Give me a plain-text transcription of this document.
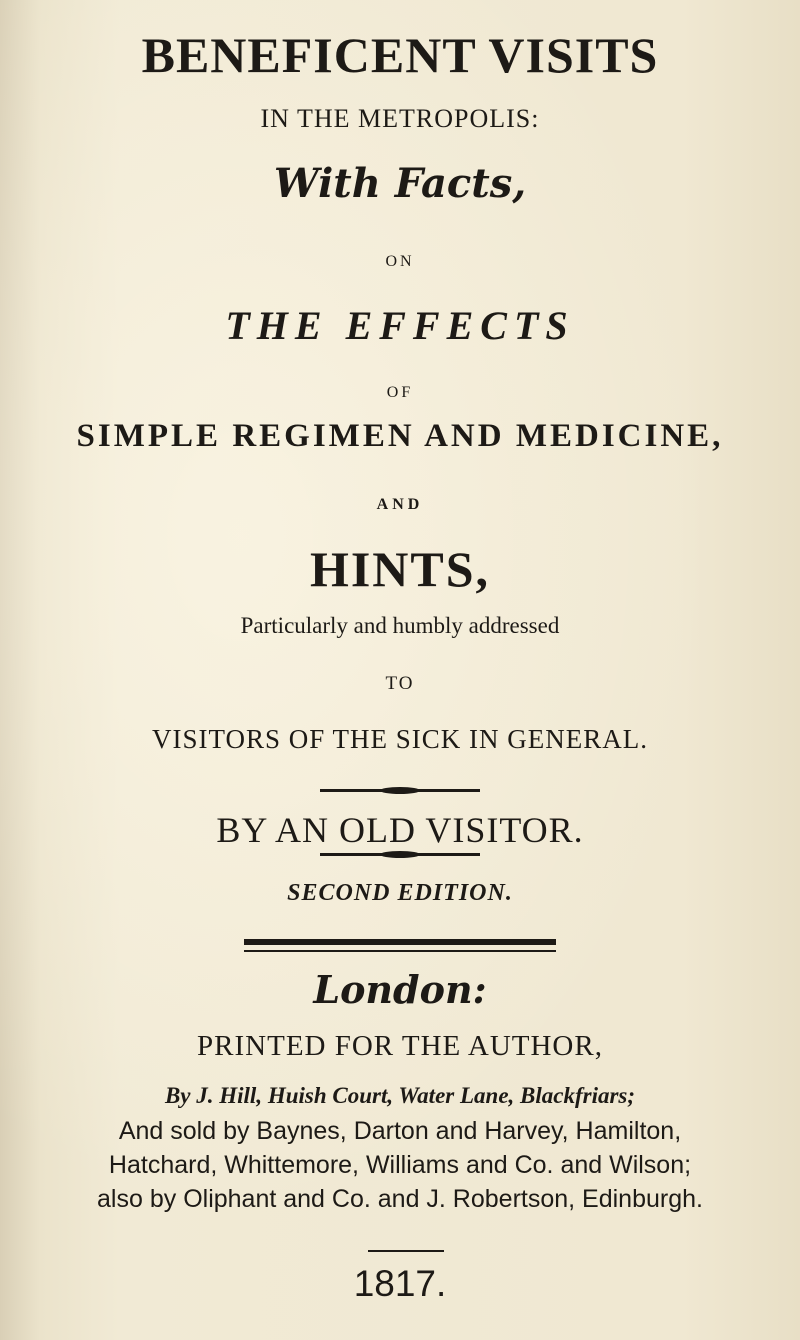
BENEFICENT VISITS

IN THE METROPOLIS:

With Facts,

ON

THE EFFECTS

OF

SIMPLE REGIMEN AND MEDICINE,

AND

HINTS,

Particularly and humbly addressed

TO

VISITORS OF THE SICK IN GENERAL.

BY AN OLD VISITOR.

SECOND EDITION.

London:

PRINTED FOR THE AUTHOR,

By J. Hill, Huish Court, Water Lane, Blackfriars;

And sold by Baynes, Darton and Harvey, Hamilton,

Hatchard, Whittemore, Williams and Co. and Wilson;

also by Oliphant and Co. and J. Robertson, Edinburgh.

1817.
